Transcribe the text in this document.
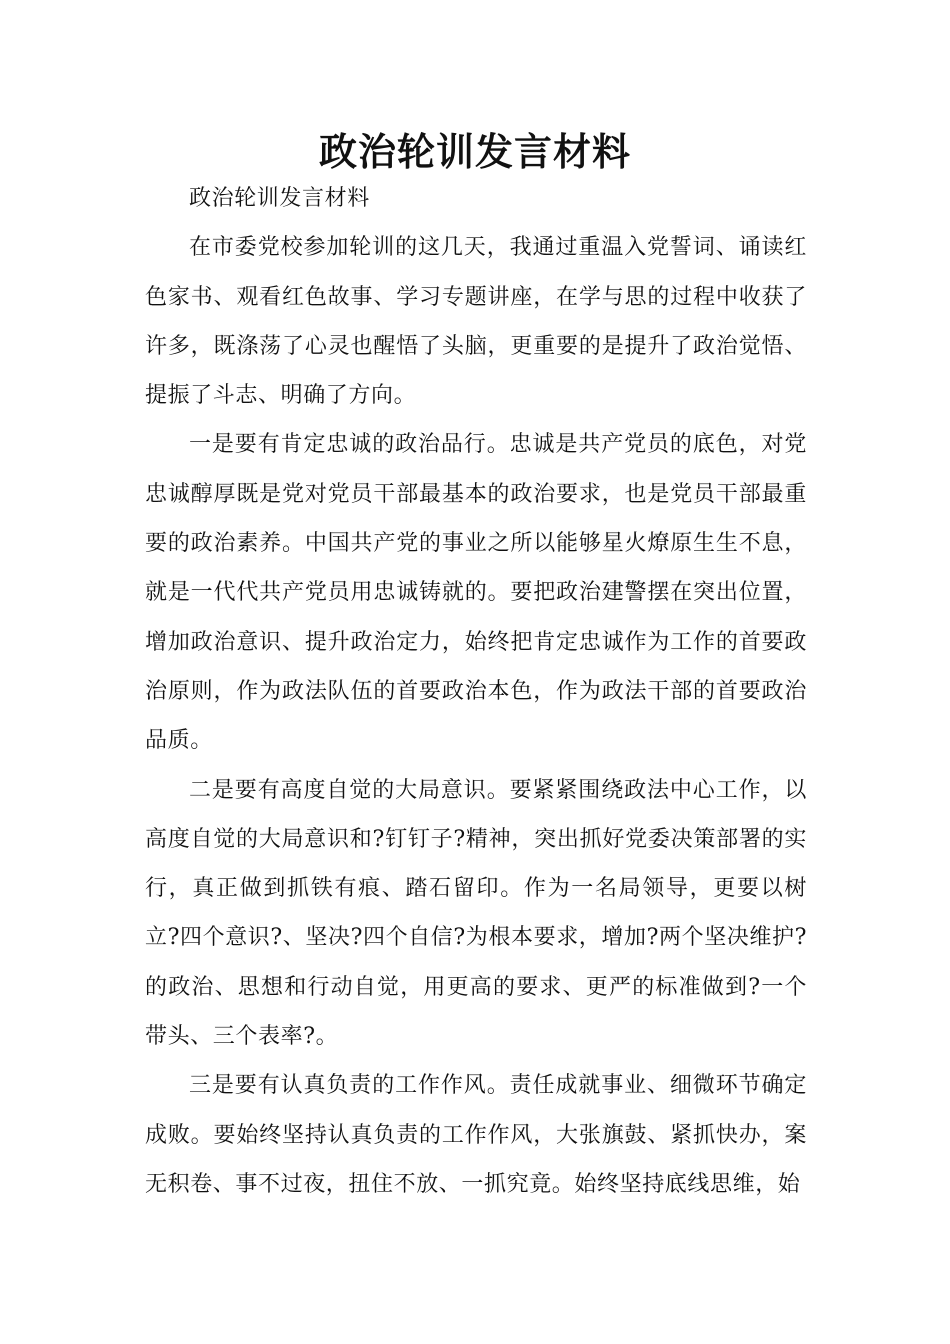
政治轮训发言材料

政治轮训发言材料

在市委党校参加轮训的这几天，我通过重温入党誓词、诵读红色家书、观看红色故事、学习专题讲座，在学与思的过程中收获了许多，既涤荡了心灵也醒悟了头脑，更重要的是提升了政治觉悟、提振了斗志、明确了方向。

一是要有肯定忠诚的政治品行。忠诚是共产党员的底色，对党忠诚醇厚既是党对党员干部最基本的政治要求，也是党员干部最重要的政治素养。中国共产党的事业之所以能够星火燎原生生不息，就是一代代共产党员用忠诚铸就的。要把政治建警摆在突出位置，增加政治意识、提升政治定力，始终把肯定忠诚作为工作的首要政治原则，作为政法队伍的首要政治本色，作为政法干部的首要政治品质。

二是要有高度自觉的大局意识。要紧紧围绕政法中心工作，以高度自觉的大局意识和?钉钉子?精神，突出抓好党委决策部署的实行，真正做到抓铁有痕、踏石留印。作为一名局领导，更要以树立?四个意识?、坚决?四个自信?为根本要求，增加?两个坚决维护?的政治、思想和行动自觉，用更高的要求、更严的标准做到?一个带头、三个表率?。

三是要有认真负责的工作作风。责任成就事业、细微环节确定成败。要始终坚持认真负责的工作作风，大张旗鼓、紧抓快办，案无积卷、事不过夜，扭住不放、一抓究竟。始终坚持底线思维，始
